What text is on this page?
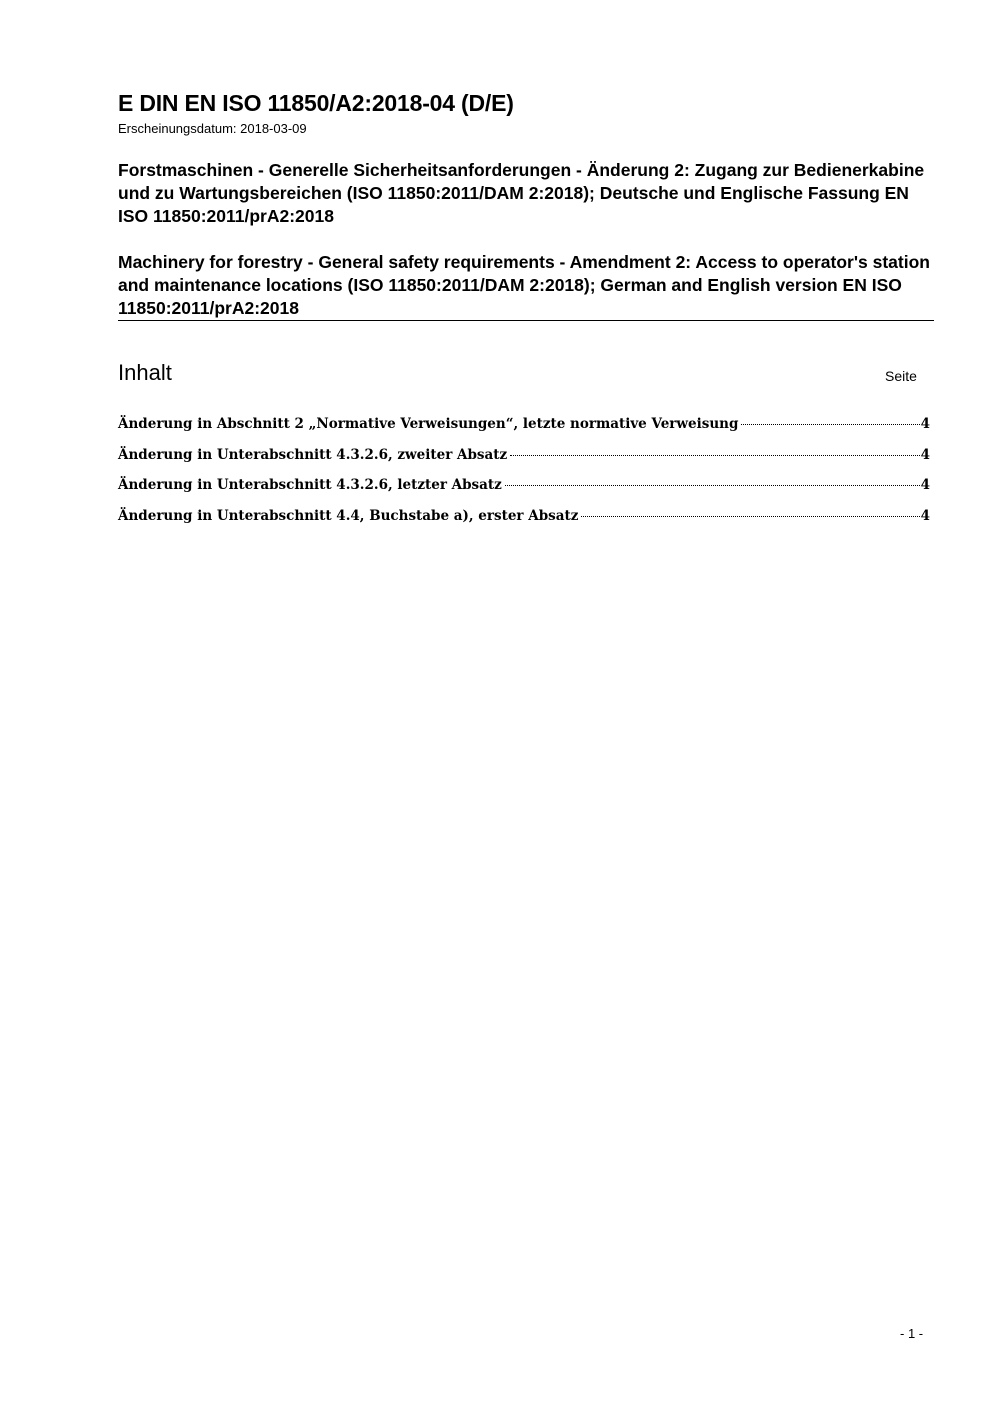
E DIN EN ISO 11850/A2:2018-04 (D/E)
Erscheinungsdatum: 2018-03-09
Forstmaschinen - Generelle Sicherheitsanforderungen - Änderung 2: Zugang zur Bedienerkabine und zu Wartungsbereichen (ISO 11850:2011/DAM 2:2018); Deutsche und Englische Fassung EN ISO 11850:2011/prA2:2018
Machinery for forestry - General safety requirements - Amendment 2: Access to operator's station and maintenance locations (ISO 11850:2011/DAM 2:2018); German and English version EN ISO 11850:2011/prA2:2018
Inhalt	Seite
Änderung in Abschnitt 2 „Normative Verweisungen“, letzte normative Verweisung	4
Änderung in Unterabschnitt 4.3.2.6, zweiter Absatz	4
Änderung in Unterabschnitt 4.3.2.6, letzter Absatz	4
Änderung in Unterabschnitt 4.4, Buchstabe a), erster Absatz	4
- 1 -
